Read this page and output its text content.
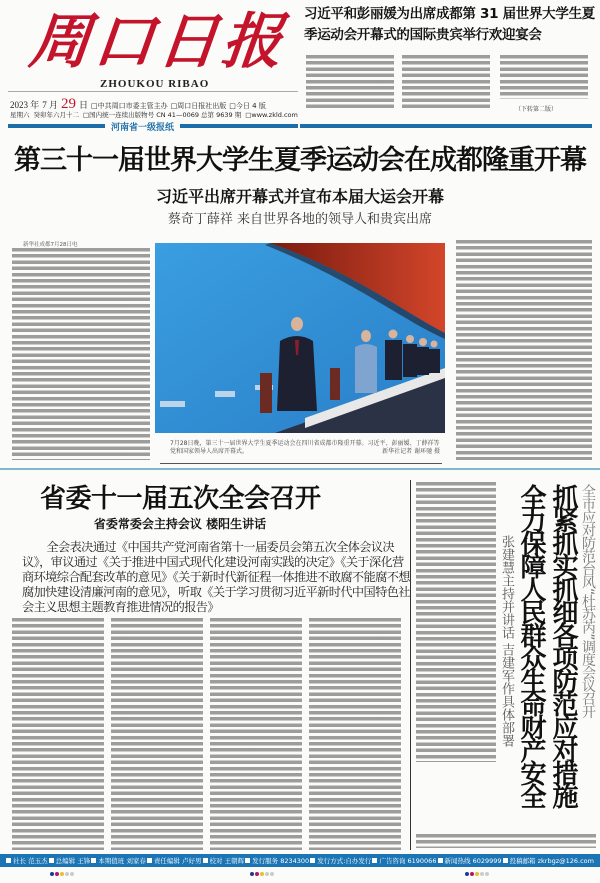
周口日报
ZHOUKOU RIBAO
2023 年 7 月 29 日 □中共周口市委主管主办 □周口日报社出版 □今日 4 版
星期六 癸卯年六月十二 □国内统一连续出版物号 CN 41—0069 总第 9639 期 □www.zkld.com
河南省一级报纸
习近平和彭丽媛为出席成都第 31 届世界大学生夏季运动会开幕式的国际贵宾举行欢迎宴会
（下转第二版）
第三十一届世界大学生夏季运动会在成都隆重开幕
习近平出席开幕式并宣布本届大运会开幕
蔡奇丁薛祥 来自世界各地的领导人和贵宾出席
新华社成都7月28日电
7月28日晚，第三十一届世界大学生夏季运动会在四川省成都市隆重开幕。习近平、彭丽媛、丁薛祥等党和国家领导人出席开幕式。	新华社记者 谢环驰 摄
省委十一届五次全会召开
省委常委会主持会议 楼阳生讲话
全会表决通过《中国共产党河南省第十一届委员会第五次全体会议决议》，审议通过《关于推进中国式现代化建设河南实践的决定》《关于深化营商环境综合配套改革的意见》《关于新时代新征程一体推进不敢腐不能腐不想腐加快建设清廉河南的意见》，听取《关于学习贯彻习近平新时代中国特色社会主义思想主题教育推进情况的报告》	全市应对防范台风“杜苏芮”调度会议召开
抓紧抓实抓细各项防范应对措施
全力保障人民群众生命财产安全
张建慧主持并讲话 吉建军作具体部署
社长 范玉杰	总编辑 王锋	本期值班 刘家春	责任编辑 卢好男	校对 王朝辉	发行服务 8234300	发行方式:自办发行	广告咨询 6190066	新闻热线 6029999	投稿邮箱 zkrbgz@126.com
